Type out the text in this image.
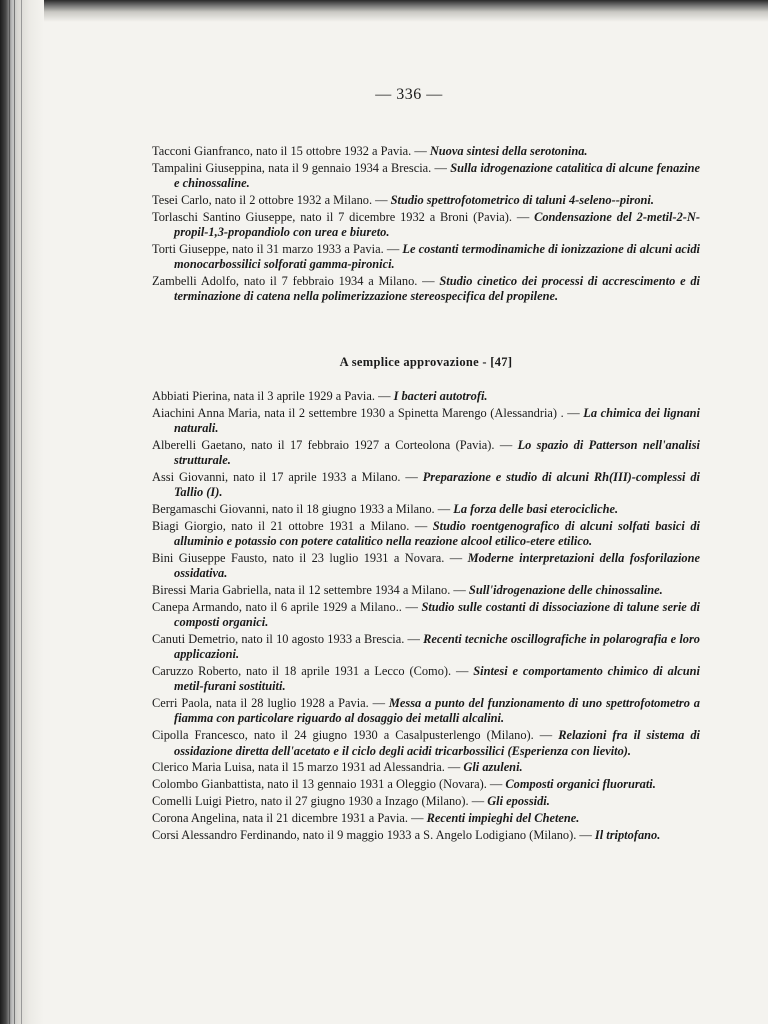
— 336 —

Tacconi Gianfranco, nato il 15 ottobre 1932 a Pavia. — Nuova sintesi della serotonina.

Tampalini Giuseppina, nata il 9 gennaio 1934 a Brescia. — Sulla idrogenazione catalitica di alcune fenazine e chinossaline.

Tesei Carlo, nato il 2 ottobre 1932 a Milano. — Studio spettrofotometrico di taluni 4-seleno--pironi.

Torlaschi Santino Giuseppe, nato il 7 dicembre 1932 a Broni (Pavia). — Condensazione del 2-metil-2-N-propil-1,3-propandiolo con urea e biureto.

Torti Giuseppe, nato il 31 marzo 1933 a Pavia. — Le costanti termodinamiche di ionizzazione di alcuni acidi monocarbossilici solforati gamma-pironici.

Zambelli Adolfo, nato il 7 febbraio 1934 a Milano. — Studio cinetico dei processi di accrescimento e di terminazione di catena nella polimerizzazione stereospecifica del propilene.

A semplice approvazione - [47]

Abbiati Pierina, nata il 3 aprile 1929 a Pavia. — I bacteri autotrofi.

Aiachini Anna Maria, nata il 2 settembre 1930 a Spinetta Marengo (Alessandria) . — La chimica dei lignani naturali.

Alberelli Gaetano, nato il 17 febbraio 1927 a Corteolona (Pavia). — Lo spazio di Patterson nell'analisi strutturale.

Assi Giovanni, nato il 17 aprile 1933 a Milano. — Preparazione e studio di alcuni Rh(III)-complessi di Tallio (I).

Bergamaschi Giovanni, nato il 18 giugno 1933 a Milano. — La forza delle basi eterocicliche.

Biagi Giorgio, nato il 21 ottobre 1931 a Milano. — Studio roentgenografico di alcuni solfati basici di alluminio e potassio con potere catalitico nella reazione alcool etilico-etere etilico.

Bini Giuseppe Fausto, nato il 23 luglio 1931 a Novara. — Moderne interpretazioni della fosforilazione ossidativa.

Biressi Maria Gabriella, nata il 12 settembre 1934 a Milano. — Sull'idrogenazione delle chinossaline.

Canepa Armando, nato il 6 aprile 1929 a Milano.. — Studio sulle costanti di dissociazione di talune serie di composti organici.

Canuti Demetrio, nato il 10 agosto 1933 a Brescia. — Recenti tecniche oscillografiche in polarografia e loro applicazioni.

Caruzzo Roberto, nato il 18 aprile 1931 a Lecco (Como). — Sintesi e comportamento chimico di alcuni metil-furani sostituiti.

Cerri Paola, nata il 28 luglio 1928 a Pavia. — Messa a punto del funzionamento di uno spettrofotometro a fiamma con particolare riguardo al dosaggio dei metalli alcalini.

Cipolla Francesco, nato il 24 giugno 1930 a Casalpusterlengo (Milano). — Relazioni fra il sistema di ossidazione diretta dell'acetato e il ciclo degli acidi tricarbossilici (Esperienza con lievito).

Clerico Maria Luisa, nata il 15 marzo 1931 ad Alessandria. — Gli azuleni.

Colombo Gianbattista, nato il 13 gennaio 1931 a Oleggio (Novara). — Composti organici fluorurati.

Comelli Luigi Pietro, nato il 27 giugno 1930 a Inzago (Milano). — Gli epossidi.

Corona Angelina, nata il 21 dicembre 1931 a Pavia. — Recenti impieghi del Chetene.

Corsi Alessandro Ferdinando, nato il 9 maggio 1933 a S. Angelo Lodigiano (Milano). — Il triptofano.
